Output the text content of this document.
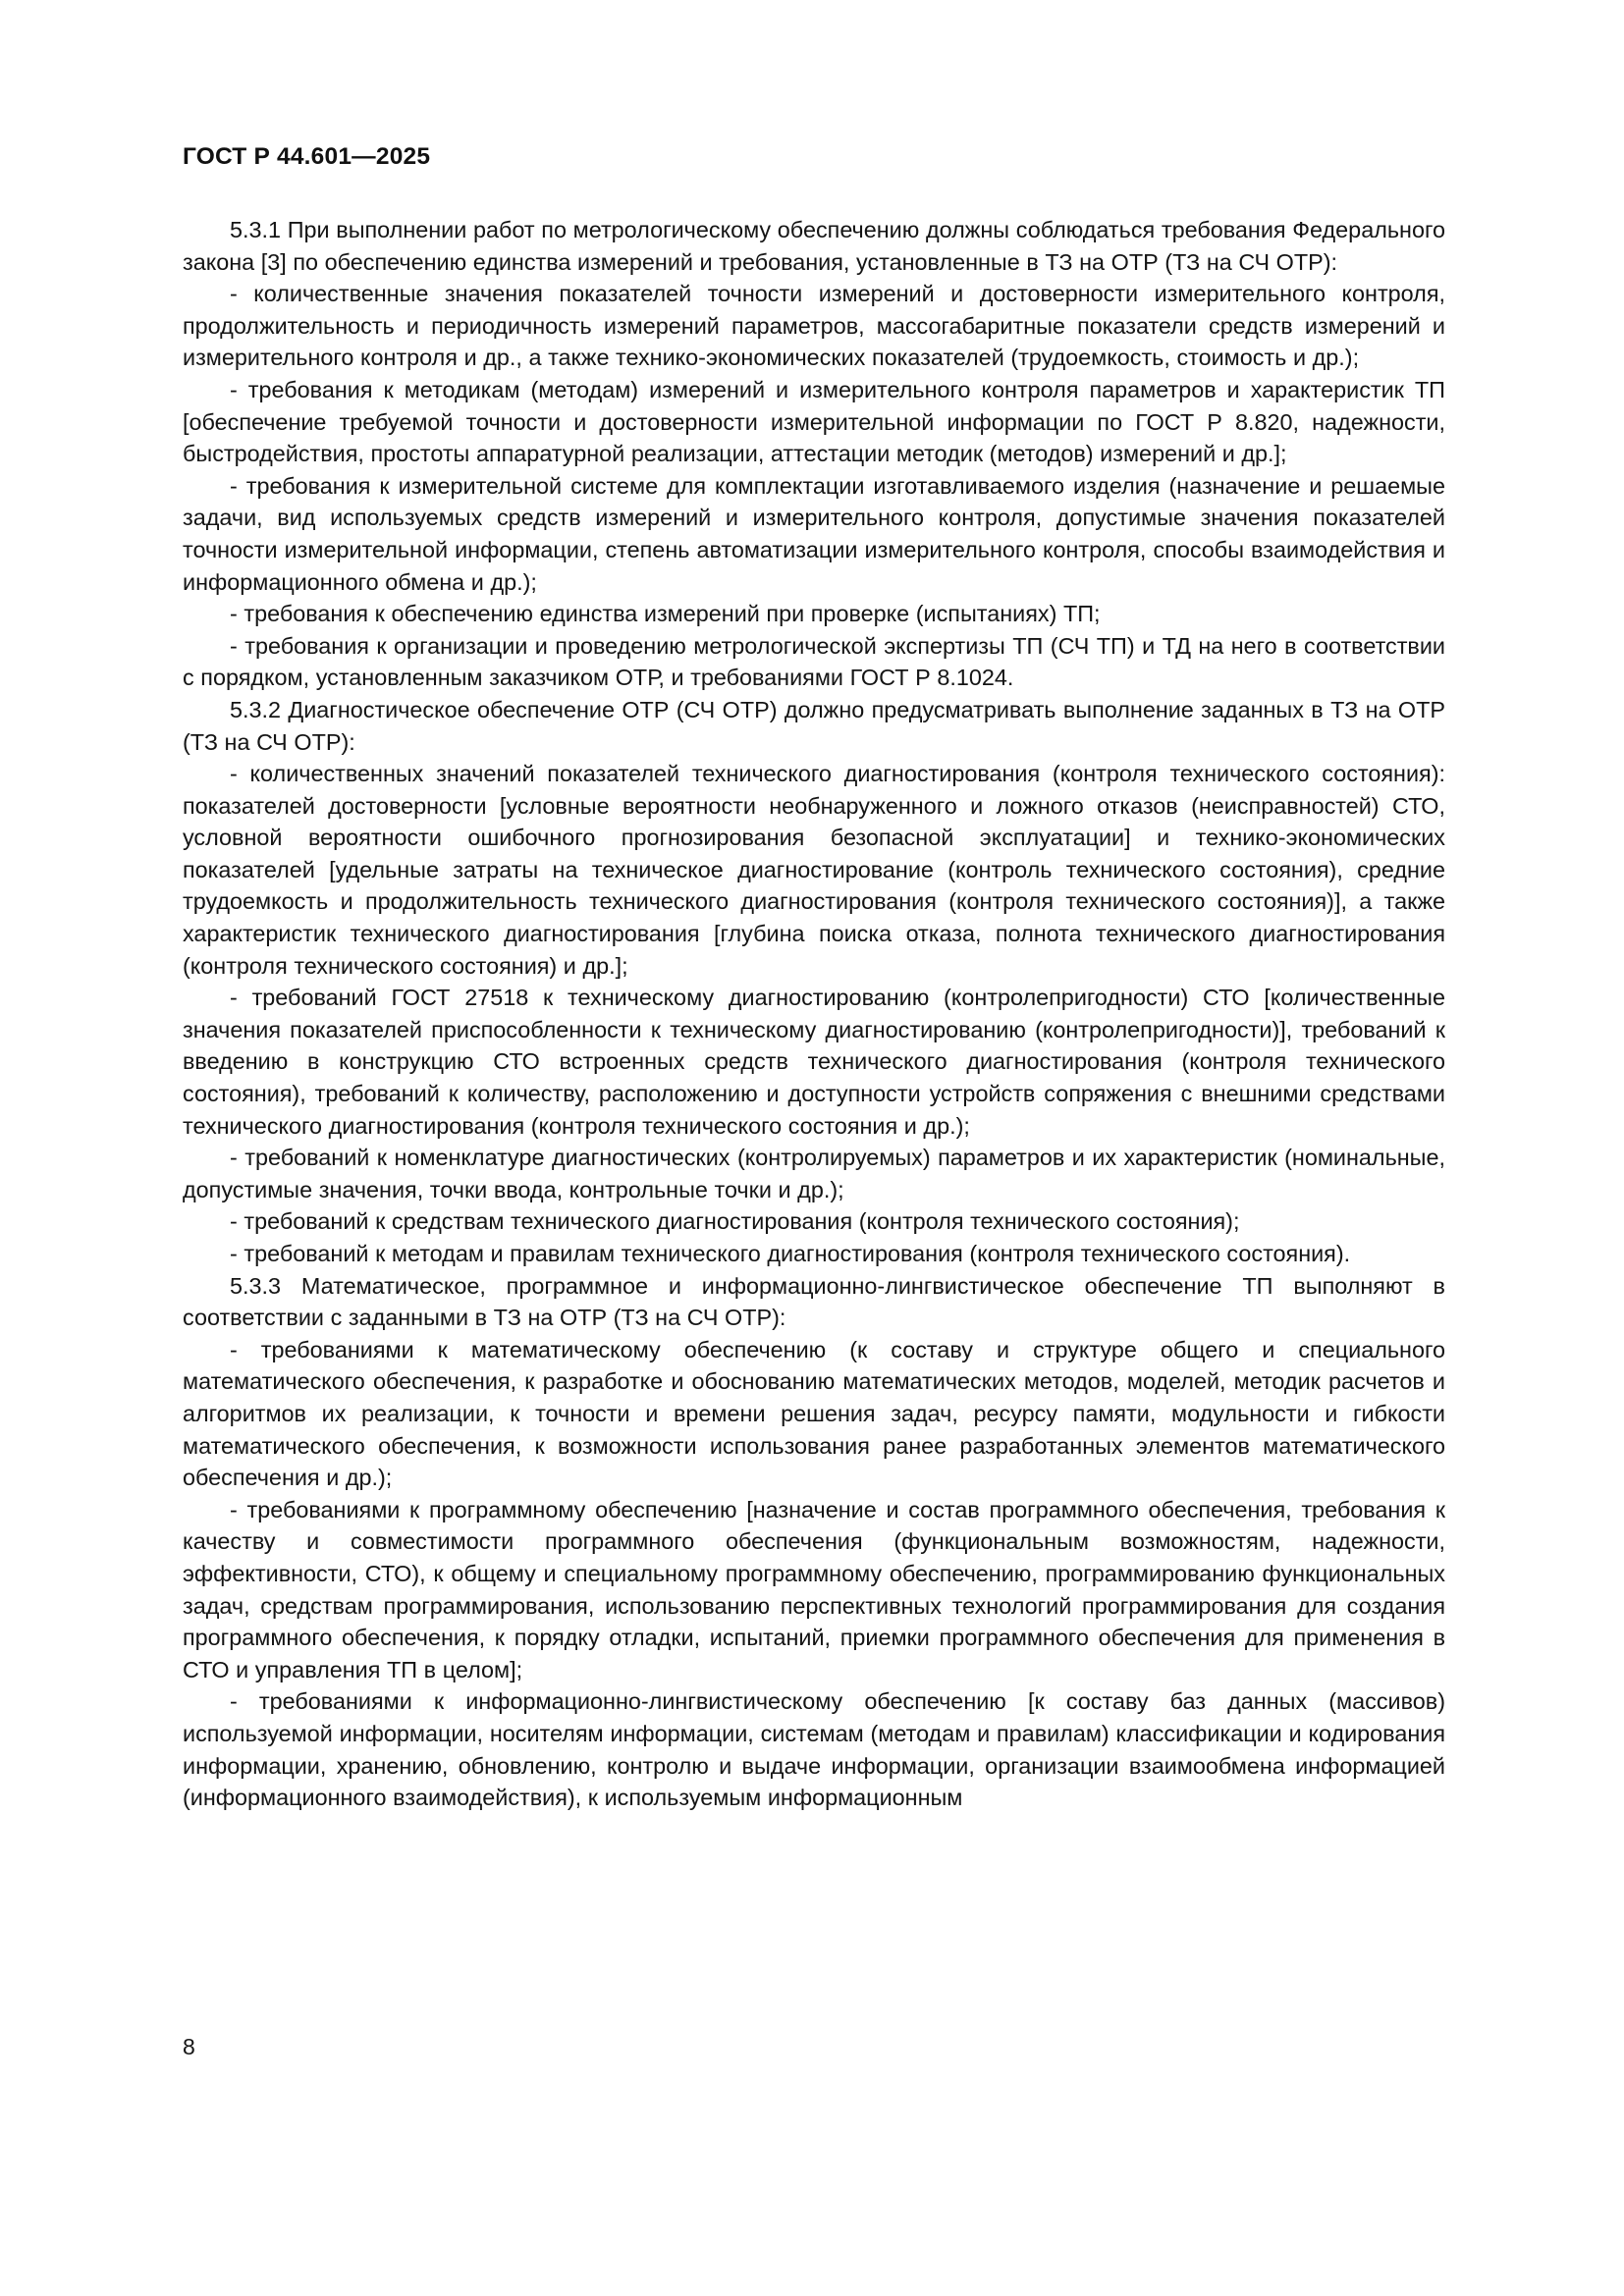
ГОСТ Р 44.601—2025

5.3.1 При выполнении работ по метрологическому обеспечению должны соблюдаться требования Федерального закона [3] по обеспечению единства измерений и требования, установленные в ТЗ на ОТР (ТЗ на СЧ ОТР):

- количественные значения показателей точности измерений и достоверности измерительного контроля, продолжительность и периодичность измерений параметров, массогабаритные показатели средств измерений и измерительного контроля и др., а также технико-экономических показателей (трудоемкость, стоимость и др.);

- требования к методикам (методам) измерений и измерительного контроля параметров и характеристик ТП [обеспечение требуемой точности и достоверности измерительной информации по ГОСТ Р 8.820, надежности, быстродействия, простоты аппаратурной реализации, аттестации методик (методов) измерений и др.];

- требования к измерительной системе для комплектации изготавливаемого изделия (назначение и решаемые задачи, вид используемых средств измерений и измерительного контроля, допустимые значения показателей точности измерительной информации, степень автоматизации измерительного контроля, способы взаимодействия и информационного обмена и др.);

- требования к обеспечению единства измерений при проверке (испытаниях) ТП;

- требования к организации и проведению метрологической экспертизы ТП (СЧ ТП) и ТД на него в соответствии с порядком, установленным заказчиком ОТР, и требованиями ГОСТ Р 8.1024.

5.3.2 Диагностическое обеспечение ОТР (СЧ ОТР) должно предусматривать выполнение заданных в ТЗ на ОТР (ТЗ на СЧ ОТР):

- количественных значений показателей технического диагностирования (контроля технического состояния): показателей достоверности [условные вероятности необнаруженного и ложного отказов (неисправностей) СТО, условной вероятности ошибочного прогнозирования безопасной эксплуатации] и технико-экономических показателей [удельные затраты на техническое диагностирование (контроль технического состояния), средние трудоемкость и продолжительность технического диагностирования (контроля технического состояния)], а также характеристик технического диагностирования [глубина поиска отказа, полнота технического диагностирования (контроля технического состояния) и др.];

- требований ГОСТ 27518 к техническому диагностированию (контролепригодности) СТО [количественные значения показателей приспособленности к техническому диагностированию (контролепригодности)], требований к введению в конструкцию СТО встроенных средств технического диагностирования (контроля технического состояния), требований к количеству, расположению и доступности устройств сопряжения с внешними средствами технического диагностирования (контроля технического состояния и др.);

- требований к номенклатуре диагностических (контролируемых) параметров и их характеристик (номинальные, допустимые значения, точки ввода, контрольные точки и др.);

- требований к средствам технического диагностирования (контроля технического состояния);

- требований к методам и правилам технического диагностирования (контроля технического состояния).

5.3.3 Математическое, программное и информационно-лингвистическое обеспечение ТП выполняют в соответствии с заданными в ТЗ на ОТР (ТЗ на СЧ ОТР):

- требованиями к математическому обеспечению (к составу и структуре общего и специального математического обеспечения, к разработке и обоснованию математических методов, моделей, методик расчетов и алгоритмов их реализации, к точности и времени решения задач, ресурсу памяти, модульности и гибкости математического обеспечения, к возможности использования ранее разработанных элементов математического обеспечения и др.);

- требованиями к программному обеспечению [назначение и состав программного обеспечения, требования к качеству и совместимости программного обеспечения (функциональным возможностям, надежности, эффективности, СТО), к общему и специальному программному обеспечению, программированию функциональных задач, средствам программирования, использованию перспективных технологий программирования для создания программного обеспечения, к порядку отладки, испытаний, приемки программного обеспечения для применения в СТО и управления ТП в целом];

- требованиями к информационно-лингвистическому обеспечению [к составу баз данных (массивов) используемой информации, носителям информации, системам (методам и правилам) классификации и кодирования информации, хранению, обновлению, контролю и выдаче информации, организации взаимообмена информацией (информационного взаимодействия), к используемым информационным

8
